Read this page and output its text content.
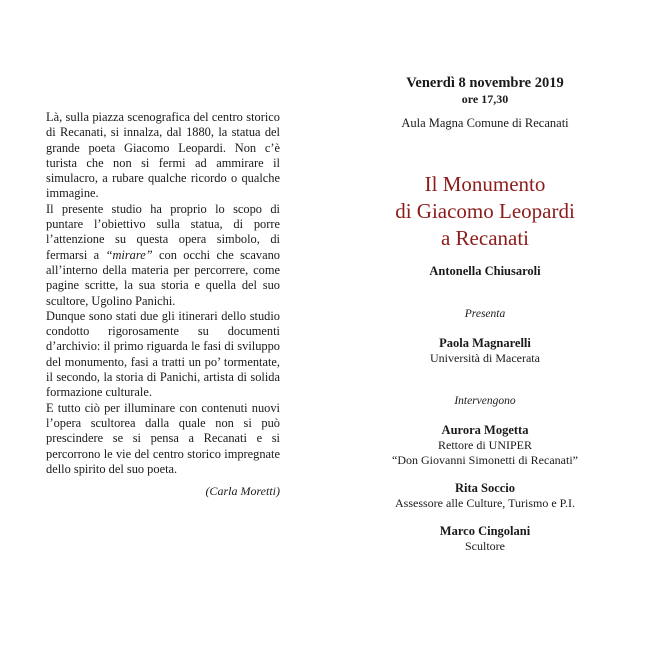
Là, sulla piazza scenografica del centro storico di Recanati, si innalza, dal 1880, la statua del grande poeta Giacomo Leopardi. Non c’è turista che non si fermi ad ammirare il simulacro, a rubare qualche ricordo o qualche immagine.

Il presente studio ha proprio lo scopo di puntare l’obiettivo sulla statua, di porre l’attenzione su questa opera simbolo, di fermarsi a “mirare” con occhi che scavano all’interno della materia per percorrere, come pagine scritte, la sua storia e quella del suo scultore, Ugolino Panichi.

Dunque sono stati due gli itinerari dello studio condotto rigorosamente su documenti d’archivio: il primo riguarda le fasi di sviluppo del monumento, fasi a tratti un po’ tormentate, il secondo, la storia di Panichi, artista di solida formazione culturale.

E tutto ciò per illuminare con contenuti nuovi l’opera scultorea dalla quale non si può prescindere se si pensa a Recanati e si percorrono le vie del centro storico impregnate dello spirito del suo poeta.

(Carla Moretti)
Venerdì 8 novembre 2019
ore 17,30
Aula Magna Comune di Recanati
Il Monumento
di Giacomo Leopardi
a Recanati
Antonella Chiusaroli
Presenta
Paola Magnarelli
Università di Macerata
Intervengono
Aurora Mogetta
Rettore di UNIPER
“Don Giovanni Simonetti di Recanati”
Rita Soccio
Assessore alle Culture, Turismo e P.I.
Marco Cingolani
Scultore
